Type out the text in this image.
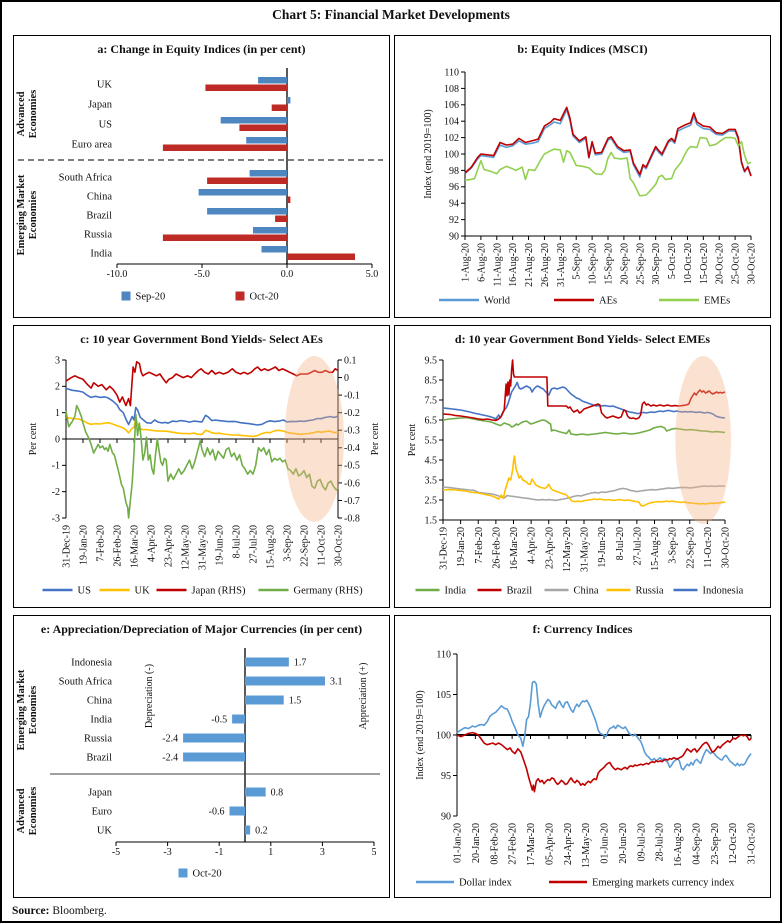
Chart 5: Financial Market Developments
a: Change in Equity Indices (in per cent)
-10.0	-5.0	0.0	5.0
UK
Japan
US
Euro area
South Africa
China
Brazil
Russia
India
Advanced Economies
Emerging Market Economies
Sep-20	Oct-20
b: Equity Indices (MSCI)
90
92
94
96
98
100
102
104
106
108
110
Index (end 2019=100)
1-Aug-20 6-Aug-20 11-Aug-20 16-Aug-20 21-Aug-20 26-Aug-20 31-Aug-20 5-Sep-20 10-Sep-20 15-Sep-20 20-Sep-20 25-Sep-20 30-Sep-20 5-Oct-20 10-Oct-20 15-Oct-20 20-Oct-20 25-Oct-20 30-Oct-20
World	AEs	EMEs
c: 10 year Government Bond Yields- Select AEs
-3
-2
-1
0
1
2
3
-0.8
-0.7
-0.6
-0.5
-0.4
-0.3
-0.2
-0.1
0
0.1
Per cent	Per cent
31-Dec-19 19-Jan-20 7-Feb-20 26-Feb-20 16-Mar-20 4-Apr-20 23-Apr-20 12-May-20 31-May-20 19-Jun-20 8-Jul-20 27-Jul-20 15-Aug-20 3-Sep-20 22-Sep-20 11-Oct-20 30-Oct-20
US	UK	Japan (RHS)	Germany (RHS)
d: 10 year Government Bond Yields- Select EMEs
1.5
2.5
3.5
4.5
5.5
6.5
7.5
8.5
9.5
Per cent
31-Dec-19 19-Jan-20 7-Feb-20 26-Feb-20 16-Mar-20 4-Apr-20 23-Apr-20 12-May-20 31-May-20 19-Jun-20 8-Jul-20 27-Jul-20 15-Aug-20 3-Sep-20 22-Sep-20 11-Oct-20 30-Oct-20
India	Brazil	China	Russia	Indonesia
e: Appreciation/Depreciation of Major Currencies (in per cent)
-5	-3	-1	1	3	5
Indonesia	1.7
South Africa	3.1
China	1.5
India	-0.5
Russia	-2.4
Brazil	-2.4
Japan	0.8
Euro	-0.6
UK	0.2
Emerging Market Economies
Advanced Economies
Depreciation (-)	Appreciation (+)
Oct-20
f: Currency Indices
90
95
100
105
110
Index (end 2019=100)
01-Jan-20 20-Jan-20 08-Feb-20 27-Feb-20 17-Mar-20 05-Apr-20 24-Apr-20 13-May-20 01-Jun-20 20-Jun-20 09-Jul-20 28-Jul-20 16-Aug-20 04-Sep-20 23-Sep-20 12-Oct-20 31-Oct-20
Dollar index	Emerging markets currency index
Source: Bloomberg.
